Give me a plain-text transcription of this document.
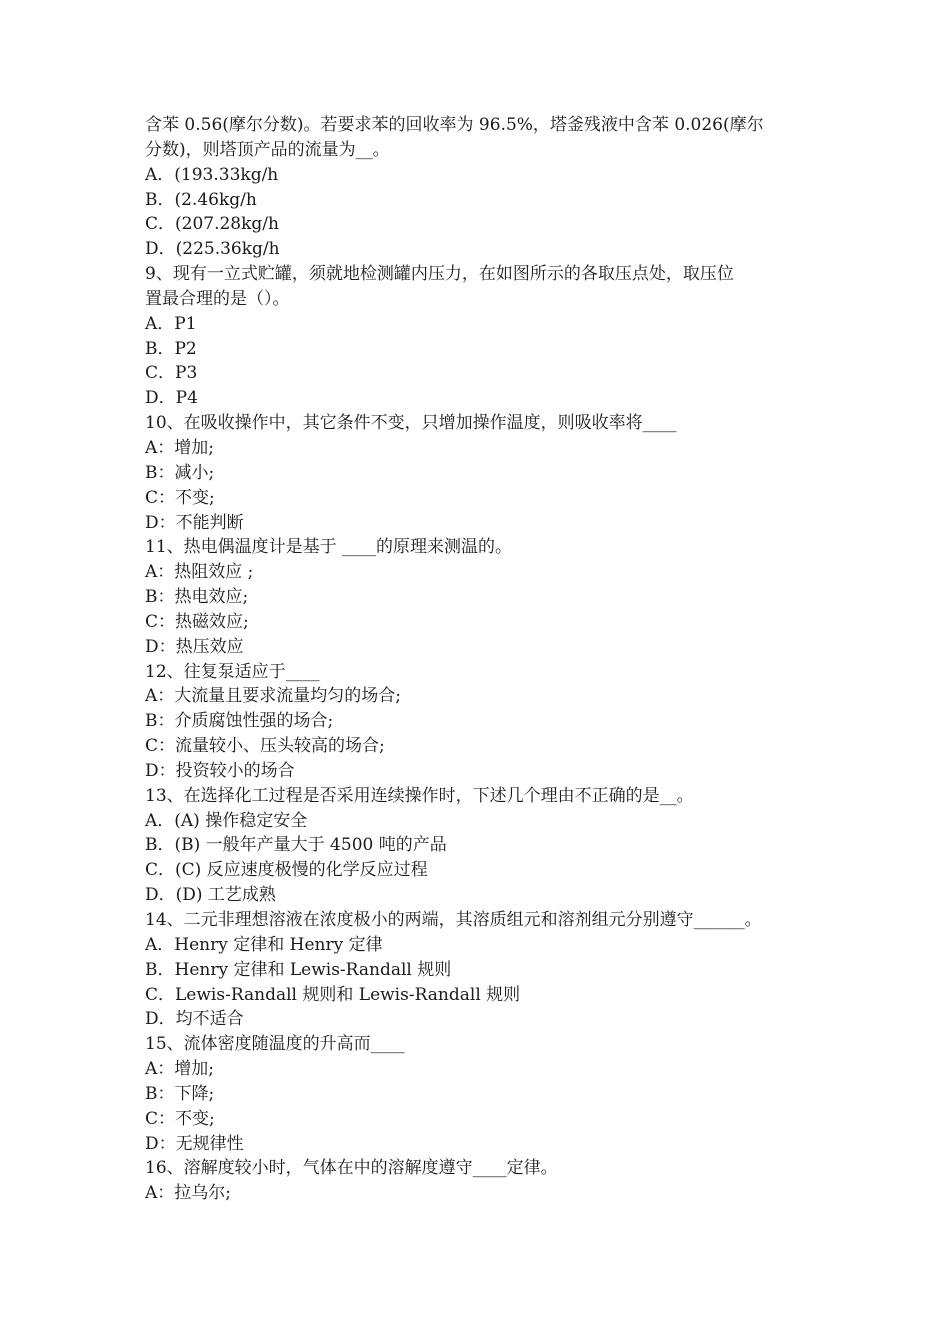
含苯 0.56(摩尔分数)。若要求苯的回收率为 96.5%，塔釜残液中含苯 0.026(摩尔
分数)，则塔顶产品的流量为__。
A．(193.33kg/h
B．(2.46kg/h
C．(207.28kg/h
D．(225.36kg/h
9、现有一立式贮罐，须就地检测罐内压力，在如图所示的各取压点处，取压位
置最合理的是（）。
A．P1
B．P2
C．P3
D．P4
10、在吸收操作中，其它条件不变，只增加操作温度，则吸收率将____
A：增加;
B：减小;
C：不变;
D：不能判断
11、热电偶温度计是基于 ____的原理来测温的。
A：热阻效应 ;
B：热电效应;
C：热磁效应;
D：热压效应
12、往复泵适应于____
A：大流量且要求流量均匀的场合;
B：介质腐蚀性强的场合;
C：流量较小、压头较高的场合;
D：投资较小的场合
13、在选择化工过程是否采用连续操作时，下述几个理由不正确的是__。
A．(A) 操作稳定安全
B．(B) 一般年产量大于 4500 吨的产品
C．(C) 反应速度极慢的化学反应过程
D．(D) 工艺成熟
14、二元非理想溶液在浓度极小的两端，其溶质组元和溶剂组元分别遵守______。
A．Henry 定律和 Henry 定律
B．Henry 定律和 Lewis-Randall 规则
C．Lewis-Randall 规则和 Lewis-Randall 规则
D．均不适合
15、流体密度随温度的升高而____
A：增加;
B：下降;
C：不变;
D：无规律性
16、溶解度较小时，气体在中的溶解度遵守____定律。
A：拉乌尔;
